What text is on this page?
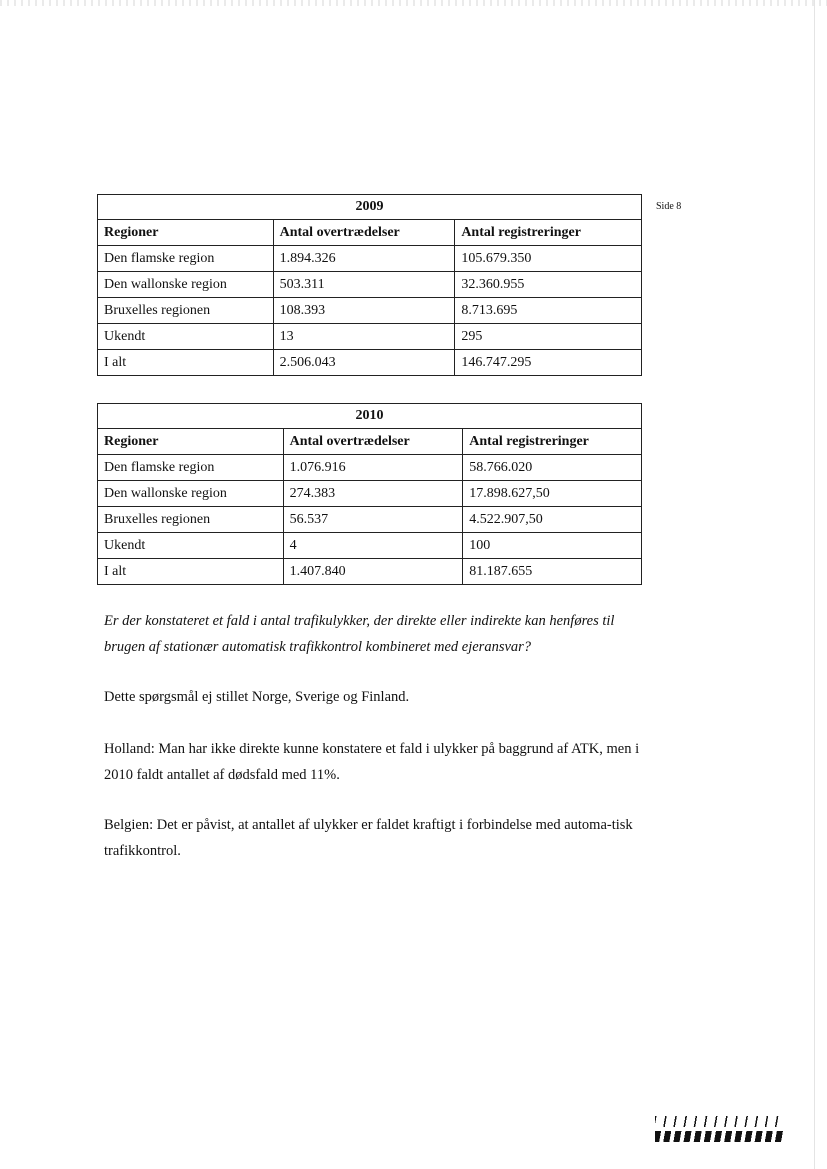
Side 8
2009		
Regioner	Antal overtrædelser	Antal registreringer
Den flamske region	1.894.326	105.679.350
Den wallonske region	503.311	32.360.955
Bruxelles regionen	108.393	8.713.695
Ukendt	13	295
I alt	2.506.043	146.747.295
2010		
Regioner	Antal overtrædelser	Antal registreringer
Den flamske region	1.076.916	58.766.020
Den wallonske region	274.383	17.898.627,50
Bruxelles regionen	56.537	4.522.907,50
Ukendt	4	100
I alt	1.407.840	81.187.655

Er der konstateret et fald i antal trafikulykker, der direkte eller indirekte kan henføres til brugen af stationær automatisk trafikkontrol kombineret med ejeransvar?

Dette spørgsmål ej stillet Norge, Sverige og Finland.

Holland: Man har ikke direkte kunne konstatere et fald i ulykker på baggrund af ATK, men i 2010 faldt antallet af dødsfald med 11%.

Belgien: Det er påvist, at antallet af ulykker er faldet kraftigt i forbindelse med automa-tisk trafikkontrol.
